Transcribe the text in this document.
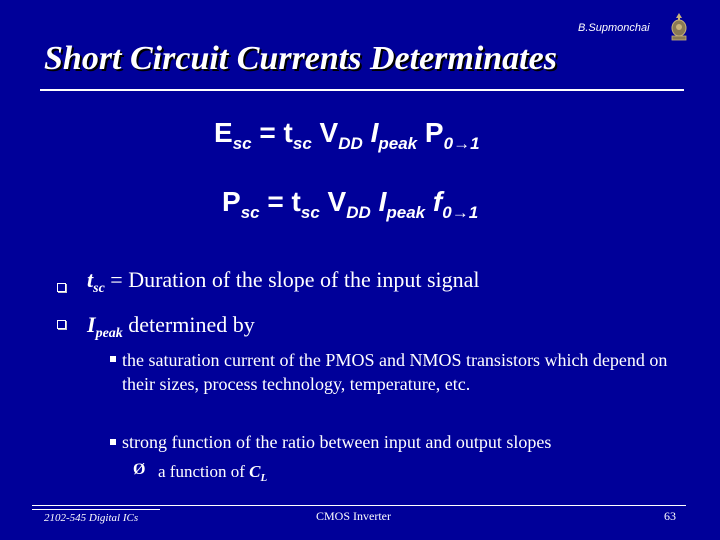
B.Supmonchai
Short Circuit Currents Determinates
$E_{sc} = t_{sc}$ $V_{DD}$ $I_{peak}$ $P_{0\to 1}$
$P_{sc} = t_{sc}$ $V_{DD}$ $I_{peak}$ $f_{0\to 1}$
$t_{sc}$ = Duration of the slope of the input signal
$I_{peak}$ determined by
the saturation current of the PMOS and NMOS transistors which depend on their sizes, process technology, temperature, etc.
strong function of the ratio between input and output slopes
Ø a function of $C_L$
2102-545 Digital ICs	CMOS Inverter	63
